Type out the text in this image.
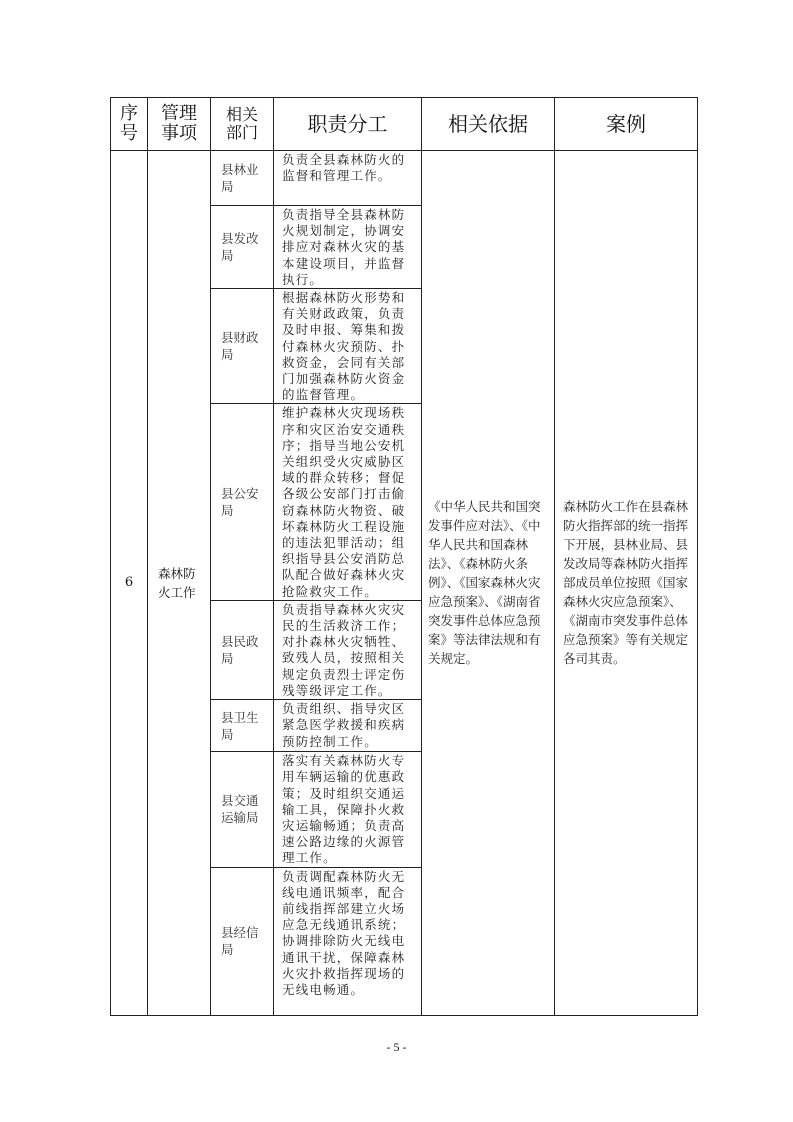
序号	管理事项	相关部门	职责分工	相关依据	案例
6	森林防火工作	县林业局	负责全县森林防火的监督和管理工作。	《中华人民共和国突发事件应对法》、《中华人民共和国森林法》、《森林防火条例》、《国家森林火灾应急预案》、《湖南省突发事件总体应急预案》等法律法规和有关规定。	森林防火工作在县森林防火指挥部的统一指挥下开展，县林业局、县发改局等森林防火指挥部成员单位按照《国家森林火灾应急预案》、《湖南市突发事件总体应急预案》等有关规定各司其责。
		县发改局	负责指导全县森林防火规划制定，协调安排应对森林火灾的基本建设项目，并监督执行。		
		县财政局	根据森林防火形势和有关财政政策，负责及时申报、筹集和拨付森林火灾预防、扑救资金，会同有关部门加强森林防火资金的监督管理。		
		县公安局	维护森林火灾现场秩序和灾区治安交通秩序；指导当地公安机关组织受火灾威胁区域的群众转移；督促各级公安部门打击偷窃森林防火物资、破坏森林防火工程设施的违法犯罪活动；组织指导县公安消防总队配合做好森林火灾抢险救灾工作。		
		县民政局	负责指导森林火灾灾民的生活救济工作；对扑森林火灾牺牲、致残人员，按照相关规定负责烈士评定伤残等级评定工作。		
		县卫生局	负责组织、指导灾区紧急医学救援和疾病预防控制工作。		
		县交通运输局	落实有关森林防火专用车辆运输的优惠政策；及时组织交通运输工具，保障扑火救灾运输畅通；负责高速公路边缘的火源管理工作。		
		县经信局	负责调配森林防火无线电通讯频率，配合前线指挥部建立火场应急无线通讯系统；协调排除防火无线电通讯干扰，保障森林火灾扑救指挥现场的无线电畅通。		
- 5 -
